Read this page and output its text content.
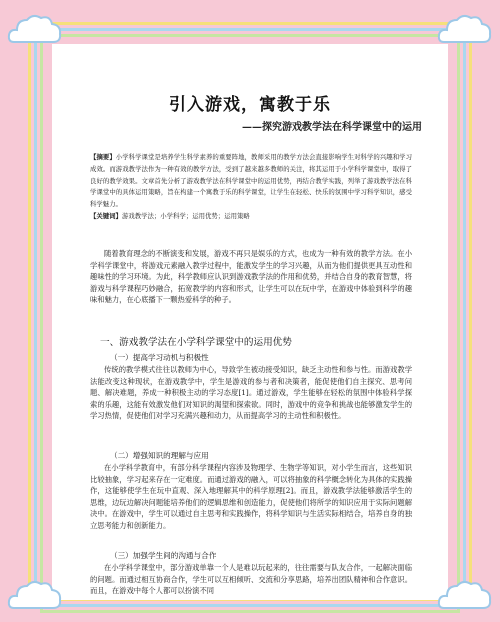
引入游戏，寓教于乐
——探究游戏教学法在科学课堂中的运用
【摘要】小学科学课堂是培养学生科学素养的重要阵地，教师采用的教学方法会直接影响学生对科学的兴趣和学习成效。而游戏教学法作为一种有效的教学方法，受到了越来越多教师的关注，将其运用于小学科学课堂中，取得了良好的教学效果。文章首先分析了游戏教学法在科学课堂中的运用优势，再结合教学实践，列举了游戏教学法在科学课堂中的具体运用策略，旨在构建一个寓教于乐的科学课堂，让学生在轻松、快乐的氛围中学习科学知识，感受科学魅力。
【关键词】游戏教学法；小学科学；运用优势；运用策略
随着教育理念的不断演变和发展，游戏不再只是娱乐的方式，也成为一种有效的教学方法。在小学科学课堂中，将游戏元素融入教学过程中，能激发学生的学习兴趣，从而为他们提供更具互动性和趣味性的学习环境。为此，科学教师应认识到游戏教学法的作用和优势，并结合自身的教育智慧，将游戏与科学课程巧妙融合，拓宽教学的内容和形式，让学生可以在玩中学，在游戏中体验到科学的趣味和魅力，在心底播下一颗热爱科学的种子。
一、游戏教学法在小学科学课堂中的运用优势
（一）提高学习动机与积极性
传统的教学模式往往以教师为中心，导致学生被动接受知识，缺乏主动性和参与性。而游戏教学法能改变这种现状，在游戏教学中，学生是游戏的参与者和决策者，能促使他们自主探究、思考问题、解决难题，养成一种积极主动的学习态度[1]。通过游戏，学生能够在轻松的氛围中体验科学探索的乐趣，这能有效激发他们对知识的渴望和探索欲。同时，游戏中的竞争和挑战也能够激发学生的学习热情，促使他们对学习充满兴趣和动力，从而提高学习的主动性和积极性。
（二）增强知识的理解与应用
在小学科学教育中，有部分科学课程内容涉及物理学、生物学等知识，对小学生而言，这些知识比较抽象，学习起来存在一定难度。而通过游戏的融入，可以将抽象的科学概念转化为具体的实践操作，这能够使学生在玩中直观、深入地理解其中的科学原理[2]。而且，游戏教学法能够激活学生的思维，边玩边解决问题能培养他们的逻辑思维和创造能力，促使他们将所学的知识应用于实际问题解决中。在游戏中，学生可以通过自主思考和实践操作，将科学知识与生活实际相结合，培养自身的独立思考能力和创新能力。
（三）加强学生间的沟通与合作
在小学科学课堂中，部分游戏单靠一个人是难以玩起来的，往往需要与队友合作，一起解决面临的问题。而通过相互协商合作，学生可以互相倾听、交流和分享思路，培养出团队精神和合作意识。而且，在游戏中每个人都可以扮演不同
